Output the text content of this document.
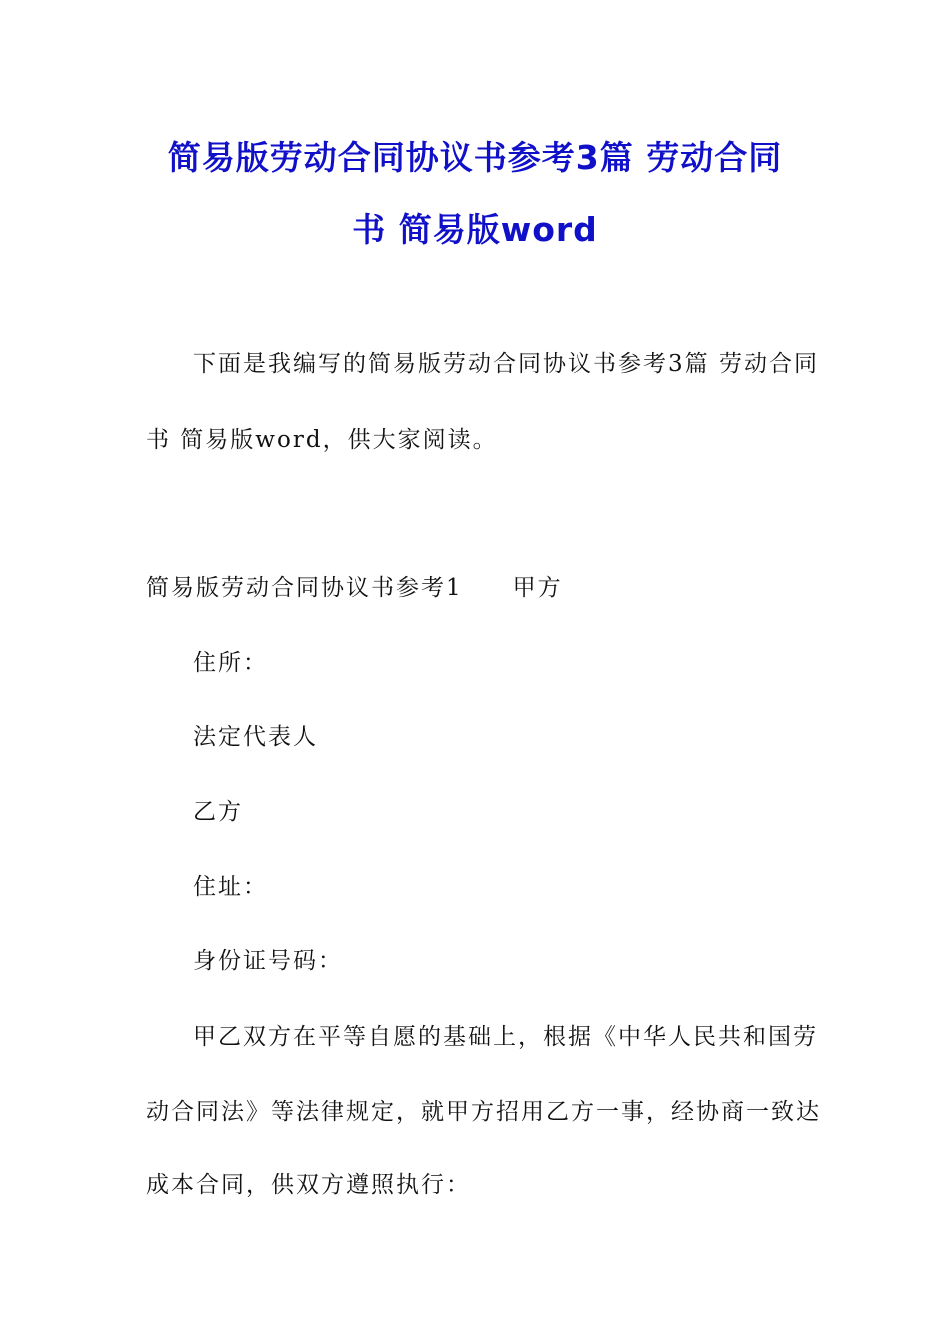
简易版劳动合同协议书参考3篇 劳动合同
书 简易版word
下面是我编写的简易版劳动合同协议书参考3篇 劳动合同
书 简易版word，供大家阅读。
简易版劳动合同协议书参考1　　甲方
住所：
法定代表人
乙方
住址：
身份证号码：
甲乙双方在平等自愿的基础上，根据《中华人民共和国劳
动合同法》等法律规定，就甲方招用乙方一事，经协商一致达
成本合同，供双方遵照执行：
